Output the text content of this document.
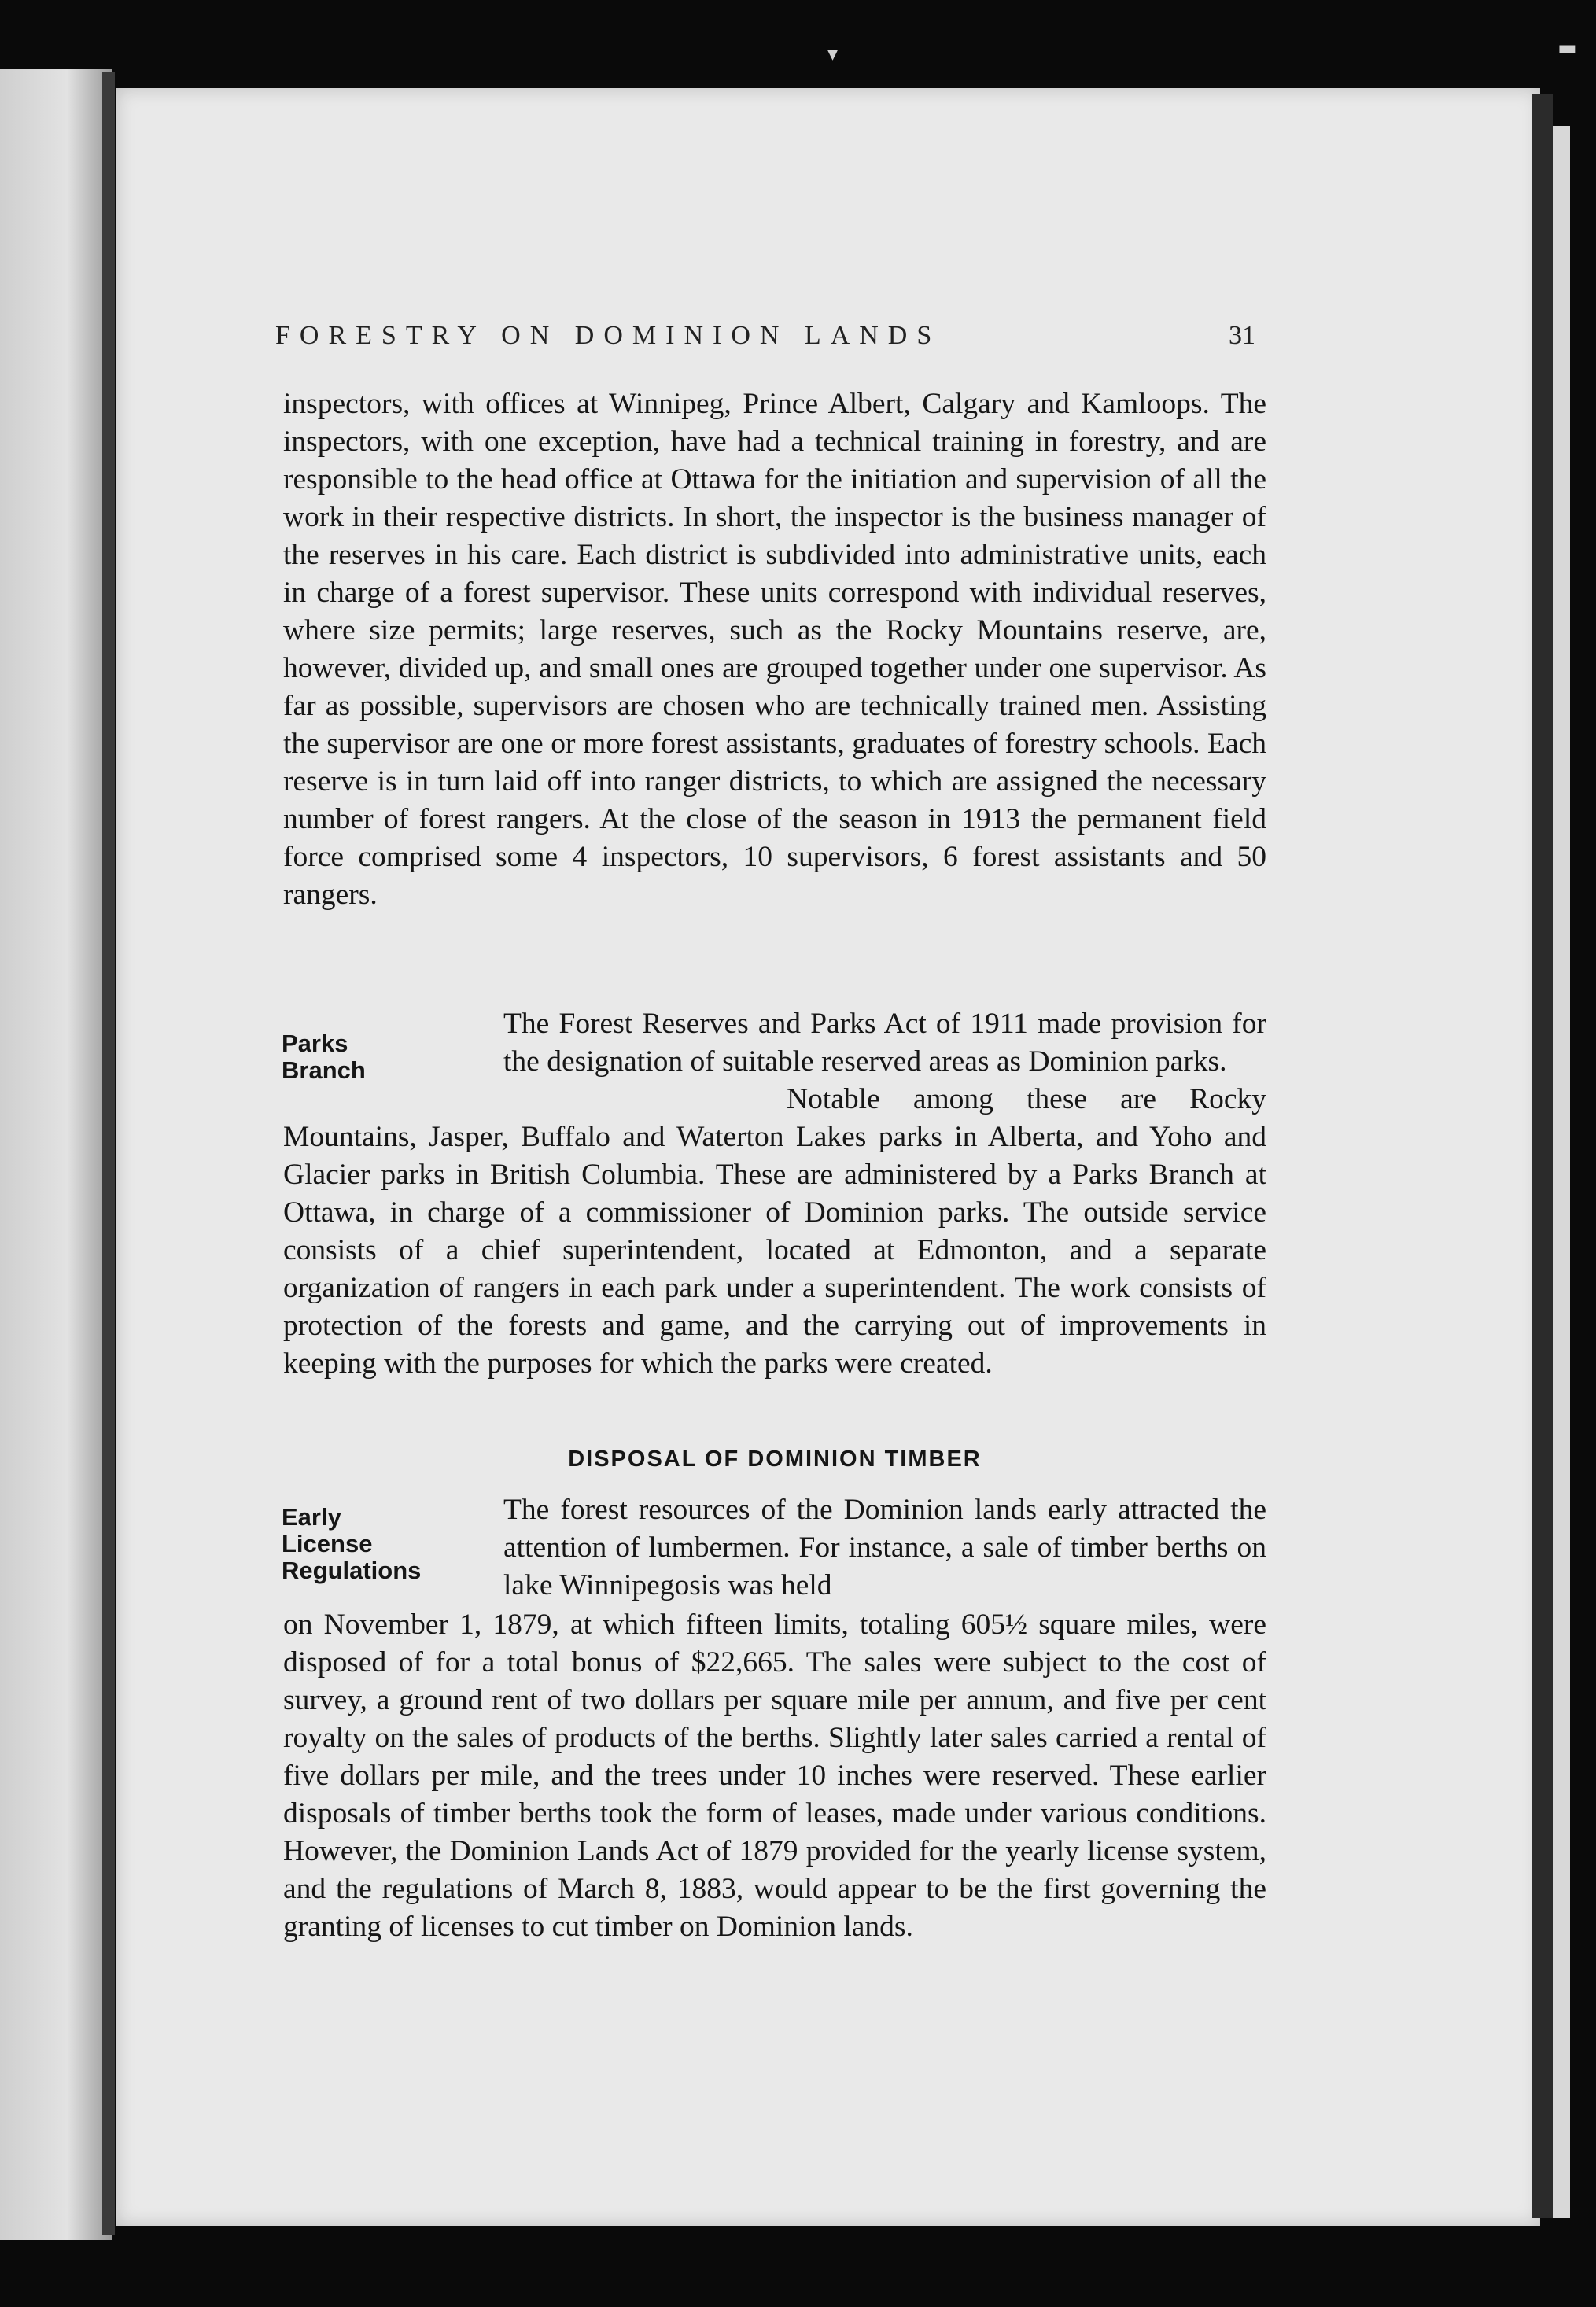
▾	▬
FORESTRY ON DOMINION LANDS	31

inspectors, with offices at Winnipeg, Prince Albert, Calgary and Kamloops. The inspectors, with one exception, have had a technical training in forestry, and are responsible to the head office at Ottawa for the initiation and supervision of all the work in their respective districts. In short, the inspector is the business manager of the reserves in his care. Each district is subdivided into administrative units, each in charge of a forest supervisor. These units correspond with individual reserves, where size permits; large reserves, such as the Rocky Mountains reserve, are, however, divided up, and small ones are grouped together under one supervisor. As far as possible, supervisors are chosen who are technically trained men. Assisting the supervisor are one or more forest assistants, graduates of forestry schools. Each reserve is in turn laid off into ranger districts, to which are assigned the necessary number of forest rangers. At the close of the season in 1913 the permanent field force comprised some 4 inspectors, 10 supervisors, 6 forest assistants and 50 rangers.

Parks
Branch

The Forest Reserves and Parks Act of 1911 made provision for the designation of suitable reserved areas as Dominion parks.

Notable among these are Rocky Mountains, Jasper, Buffalo and Waterton Lakes parks in Alberta, and Yoho and Glacier parks in British Columbia. These are administered by a Parks Branch at Ottawa, in charge of a commissioner of Dominion parks. The outside service consists of a chief superintendent, located at Edmonton, and a separate organization of rangers in each park under a superintendent. The work consists of protection of the forests and game, and the carrying out of improvements in keeping with the purposes for which the parks were created.

DISPOSAL OF DOMINION TIMBER
Early
License
Regulations

The forest resources of the Dominion lands early attracted the attention of lumbermen. For instance, a sale of timber berths on lake Winnipegosis was held

on November 1, 1879, at which fifteen limits, totaling 605½ square miles, were disposed of for a total bonus of $22,665. The sales were subject to the cost of survey, a ground rent of two dollars per square mile per annum, and five per cent royalty on the sales of products of the berths. Slightly later sales carried a rental of five dollars per mile, and the trees under 10 inches were reserved. These earlier disposals of timber berths took the form of leases, made under various conditions. However, the Dominion Lands Act of 1879 provided for the yearly license system, and the regulations of March 8, 1883, would appear to be the first governing the granting of licenses to cut timber on Dominion lands.
